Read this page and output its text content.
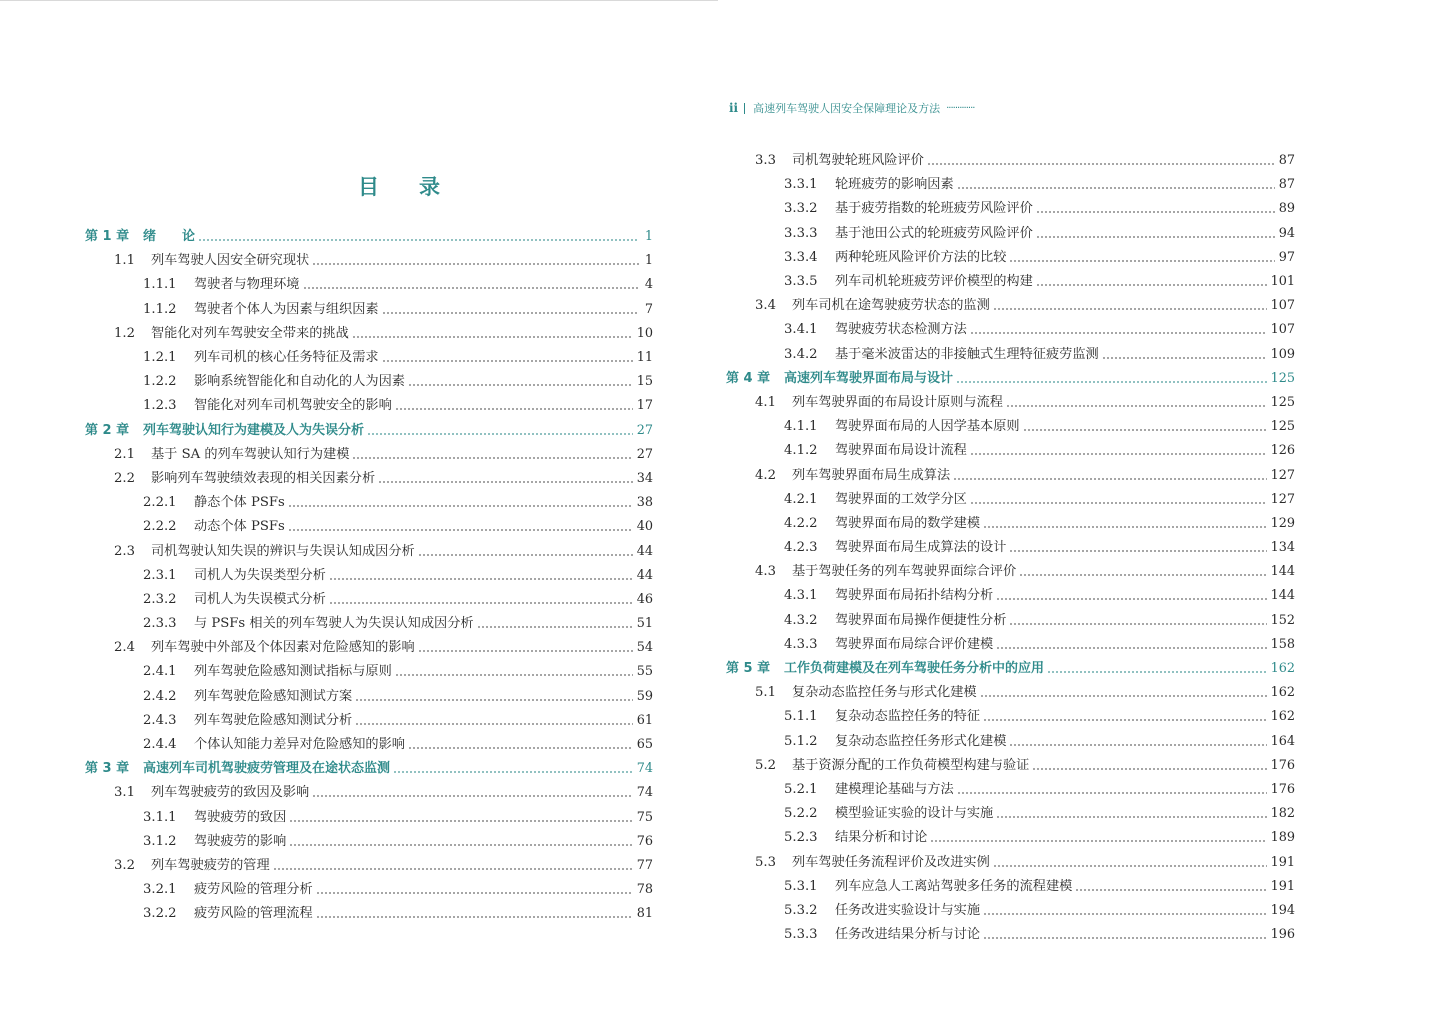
目录
第 1 章	绪　　论	1
1.1	列车驾驶人因安全研究现状	1
1.1.1	驾驶者与物理环境	4
1.1.2	驾驶者个体人为因素与组织因素	7
1.2	智能化对列车驾驶安全带来的挑战	10
1.2.1	列车司机的核心任务特征及需求	11
1.2.2	影响系统智能化和自动化的人为因素	15
1.2.3	智能化对列车司机驾驶安全的影响	17
第 2 章	列车驾驶认知行为建模及人为失误分析	27
2.1	基于 SA 的列车驾驶认知行为建模	27
2.2	影响列车驾驶绩效表现的相关因素分析	34
2.2.1	静态个体 PSFs	38
2.2.2	动态个体 PSFs	40
2.3	司机驾驶认知失误的辨识与失误认知成因分析	44
2.3.1	司机人为失误类型分析	44
2.3.2	司机人为失误模式分析	46
2.3.3	与 PSFs 相关的列车驾驶人为失误认知成因分析	51
2.4	列车驾驶中外部及个体因素对危险感知的影响	54
2.4.1	列车驾驶危险感知测试指标与原则	55
2.4.2	列车驾驶危险感知测试方案	59
2.4.3	列车驾驶危险感知测试分析	61
2.4.4	个体认知能力差异对危险感知的影响	65
第 3 章	高速列车司机驾驶疲劳管理及在途状态监测	74
3.1	列车驾驶疲劳的致因及影响	74
3.1.1	驾驶疲劳的致因	75
3.1.2	驾驶疲劳的影响	76
3.2	列车驾驶疲劳的管理	77
3.2.1	疲劳风险的管理分析	78
3.2.2	疲劳风险的管理流程	81
ii 高速列车驾驶人因安全保障理论及方法 ·············
3.3	司机驾驶轮班风险评价	87
3.3.1	轮班疲劳的影响因素	87
3.3.2	基于疲劳指数的轮班疲劳风险评价	89
3.3.3	基于池田公式的轮班疲劳风险评价	94
3.3.4	两种轮班风险评价方法的比较	97
3.3.5	列车司机轮班疲劳评价模型的构建	101
3.4	列车司机在途驾驶疲劳状态的监测	107
3.4.1	驾驶疲劳状态检测方法	107
3.4.2	基于毫米波雷达的非接触式生理特征疲劳监测	109
第 4 章	高速列车驾驶界面布局与设计	125
4.1	列车驾驶界面的布局设计原则与流程	125
4.1.1	驾驶界面布局的人因学基本原则	125
4.1.2	驾驶界面布局设计流程	126
4.2	列车驾驶界面布局生成算法	127
4.2.1	驾驶界面的工效学分区	127
4.2.2	驾驶界面布局的数学建模	129
4.2.3	驾驶界面布局生成算法的设计	134
4.3	基于驾驶任务的列车驾驶界面综合评价	144
4.3.1	驾驶界面布局拓扑结构分析	144
4.3.2	驾驶界面布局操作便捷性分析	152
4.3.3	驾驶界面布局综合评价建模	158
第 5 章	工作负荷建模及在列车驾驶任务分析中的应用	162
5.1	复杂动态监控任务与形式化建模	162
5.1.1	复杂动态监控任务的特征	162
5.1.2	复杂动态监控任务形式化建模	164
5.2	基于资源分配的工作负荷模型构建与验证	176
5.2.1	建模理论基础与方法	176
5.2.2	模型验证实验的设计与实施	182
5.2.3	结果分析和讨论	189
5.3	列车驾驶任务流程评价及改进实例	191
5.3.1	列车应急人工离站驾驶多任务的流程建模	191
5.3.2	任务改进实验设计与实施	194
5.3.3	任务改进结果分析与讨论	196
